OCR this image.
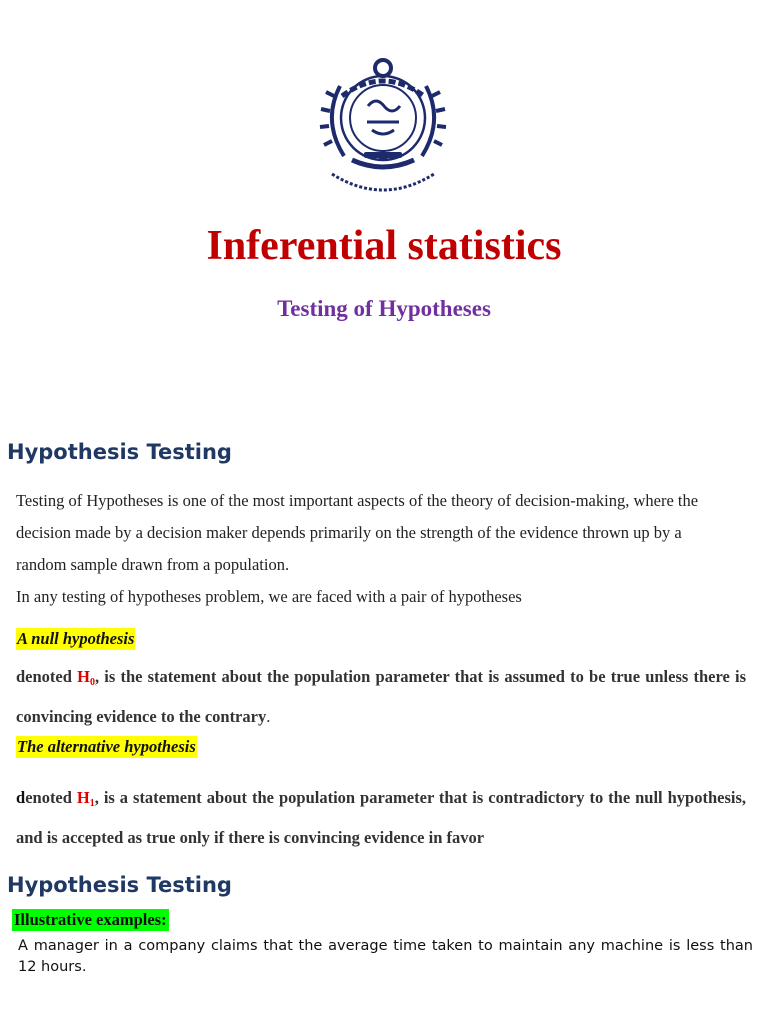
Inferential statistics
Testing of Hypotheses
Hypothesis Testing
Testing of Hypotheses is one of the most important aspects of the theory of decision-making, where the
decision made by a decision maker depends primarily on the strength of the evidence thrown up by a
random sample drawn from a population.
In any testing of hypotheses problem, we are faced with a pair of hypotheses
A null hypothesis
denoted $H_0$, is the statement about the population parameter that is assumed to be true unless there is convincing evidence to the contrary.
The alternative hypothesis
denoted $H_1$, is a statement about the population parameter that is contradictory to the null hypothesis, and is accepted as true only if there is convincing evidence in favor
Hypothesis Testing
Illustrative examples:
A manager in a company claims that the average time taken to maintain any machine is less than 12 hours.
